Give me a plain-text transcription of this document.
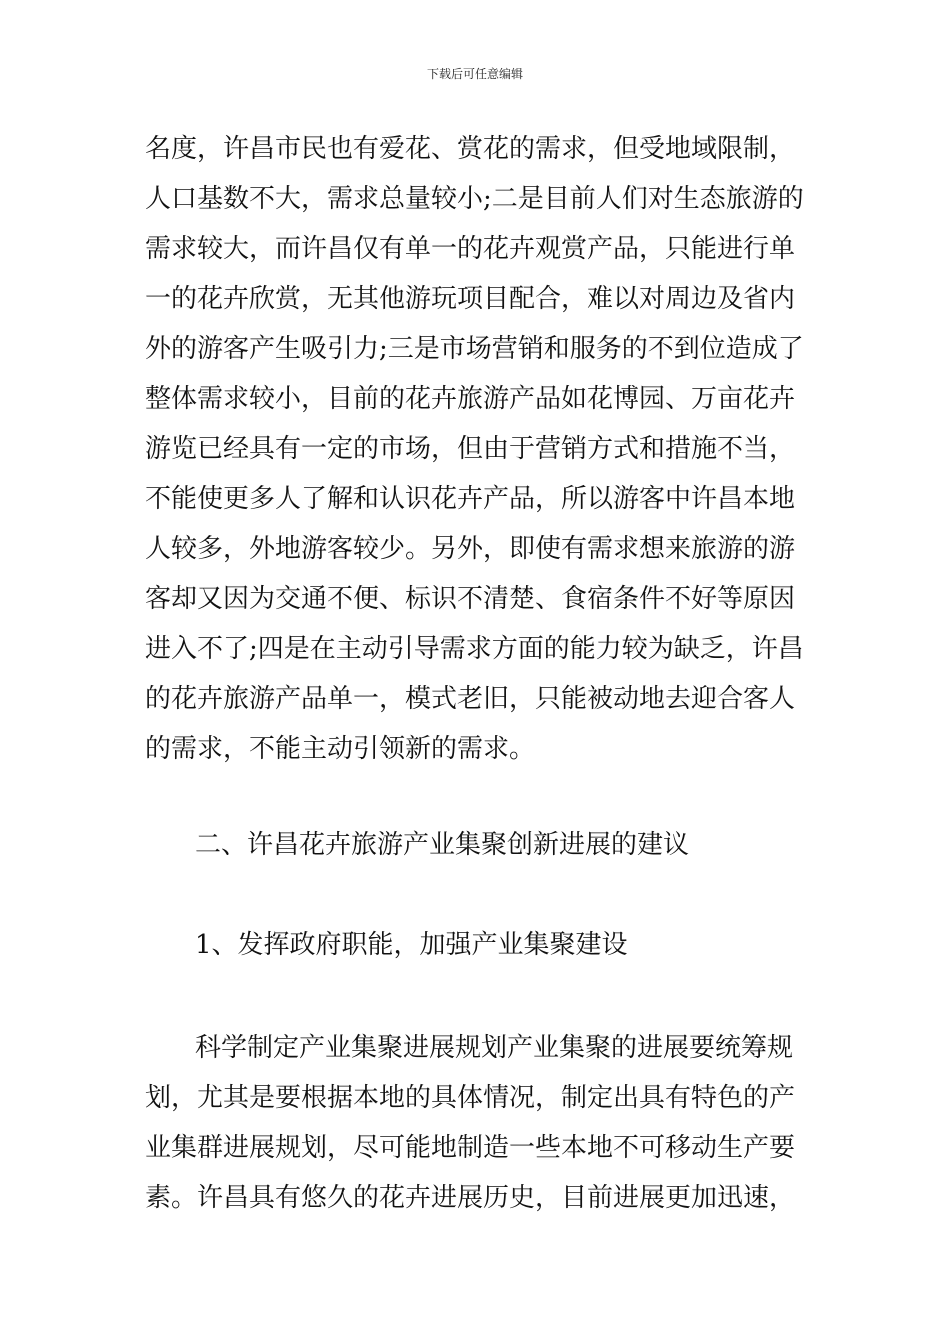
下载后可任意编辑
名度，许昌市民也有爱花、赏花的需求，但受地域限制，
人口基数不大，需求总量较小;二是目前人们对生态旅游的
需求较大，而许昌仅有单一的花卉观赏产品，只能进行单
一的花卉欣赏，无其他游玩项目配合，难以对周边及省内
外的游客产生吸引力;三是市场营销和服务的不到位造成了
整体需求较小，目前的花卉旅游产品如花博园、万亩花卉
游览已经具有一定的市场，但由于营销方式和措施不当，
不能使更多人了解和认识花卉产品，所以游客中许昌本地
人较多，外地游客较少。另外，即使有需求想来旅游的游
客却又因为交通不便、标识不清楚、食宿条件不好等原因
进入不了;四是在主动引导需求方面的能力较为缺乏，许昌
的花卉旅游产品单一，模式老旧，只能被动地去迎合客人
的需求，不能主动引领新的需求。
二、许昌花卉旅游产业集聚创新进展的建议
1、发挥政府职能，加强产业集聚建设
科学制定产业集聚进展规划产业集聚的进展要统筹规
划，尤其是要根据本地的具体情况，制定出具有特色的产
业集群进展规划，尽可能地制造一些本地不可移动生产要
素。许昌具有悠久的花卉进展历史，目前进展更加迅速，
